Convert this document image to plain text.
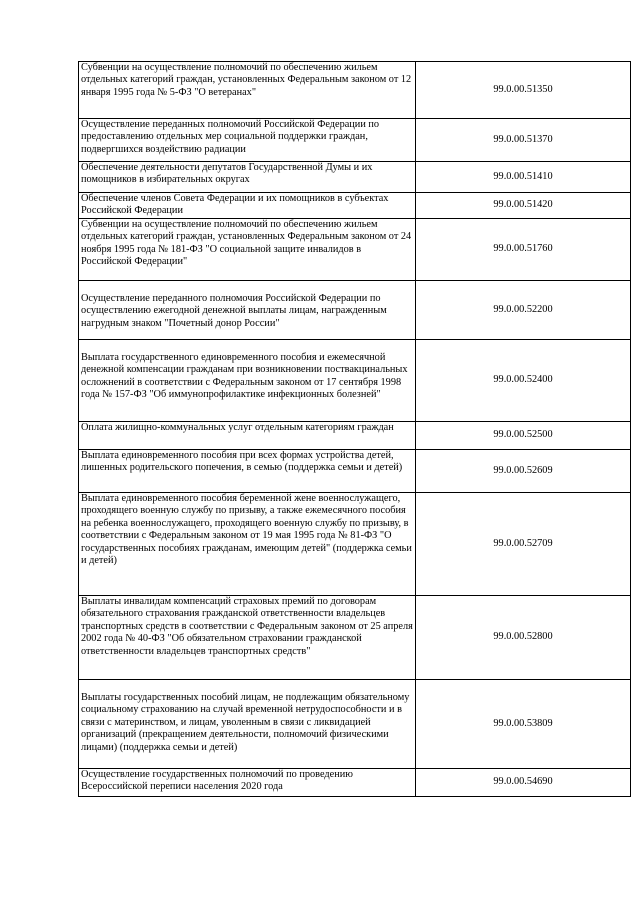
Субвенции на осуществление полномочий по обеспечению жильем отдельных категорий граждан, установленных Федеральным законом от 12 января 1995 года № 5-ФЗ "О ветеранах"	99.0.00.51350
Осуществление переданных полномочий Российской Федерации по предоставлению отдельных мер социальной поддержки граждан, подвергшихся воздействию радиации	99.0.00.51370
Обеспечение деятельности депутатов Государственной Думы и их помощников в избирательных округах	99.0.00.51410
Обеспечение членов Совета Федерации и их помощников в субъектах Российской Федерации	99.0.00.51420
Субвенции на осуществление полномочий по обеспечению жильем отдельных категорий граждан, установленных Федеральным законом от 24 ноября 1995 года № 181-ФЗ "О социальной защите инвалидов в Российской Федерации"	99.0.00.51760
Осуществление переданного полномочия Российской Федерации по осуществлению ежегодной денежной выплаты лицам, награжденным нагрудным знаком "Почетный донор России"	99.0.00.52200
Выплата государственного единовременного пособия и ежемесячной денежной компенсации гражданам при возникновении поствакцинальных осложнений в соответствии с Федеральным законом от 17 сентября 1998 года № 157-ФЗ "Об иммунопрофилактике инфекционных болезней"	99.0.00.52400
Оплата жилищно-коммунальных услуг отдельным категориям граждан	99.0.00.52500
Выплата единовременного пособия при всех формах устройства детей, лишенных родительского попечения, в семью (поддержка семьи и детей)	99.0.00.52609
Выплата единовременного пособия беременной жене военнослужащего, проходящего военную службу по призыву, а также ежемесячного пособия на ребенка военнослужащего, проходящего военную службу по призыву, в соответствии с Федеральным законом от 19 мая 1995 года № 81-ФЗ "О государственных пособиях гражданам, имеющим детей" (поддержка семьи и детей)	99.0.00.52709
Выплаты инвалидам компенсаций страховых премий по договорам обязательного страхования гражданской ответственности владельцев транспортных средств в соответствии с Федеральным законом от 25 апреля 2002 года № 40-ФЗ "Об обязательном страховании гражданской ответственности владельцев транспортных средств"	99.0.00.52800
Выплаты государственных пособий лицам, не подлежащим обязательному социальному страхованию на случай временной нетрудоспособности и в связи с материнством, и лицам, уволенным в связи с ликвидацией организаций (прекращением деятельности, полномочий физическими лицами) (поддержка семьи и детей)	99.0.00.53809
Осуществление государственных полномочий по проведению Всероссийской переписи населения 2020 года	99.0.00.54690
